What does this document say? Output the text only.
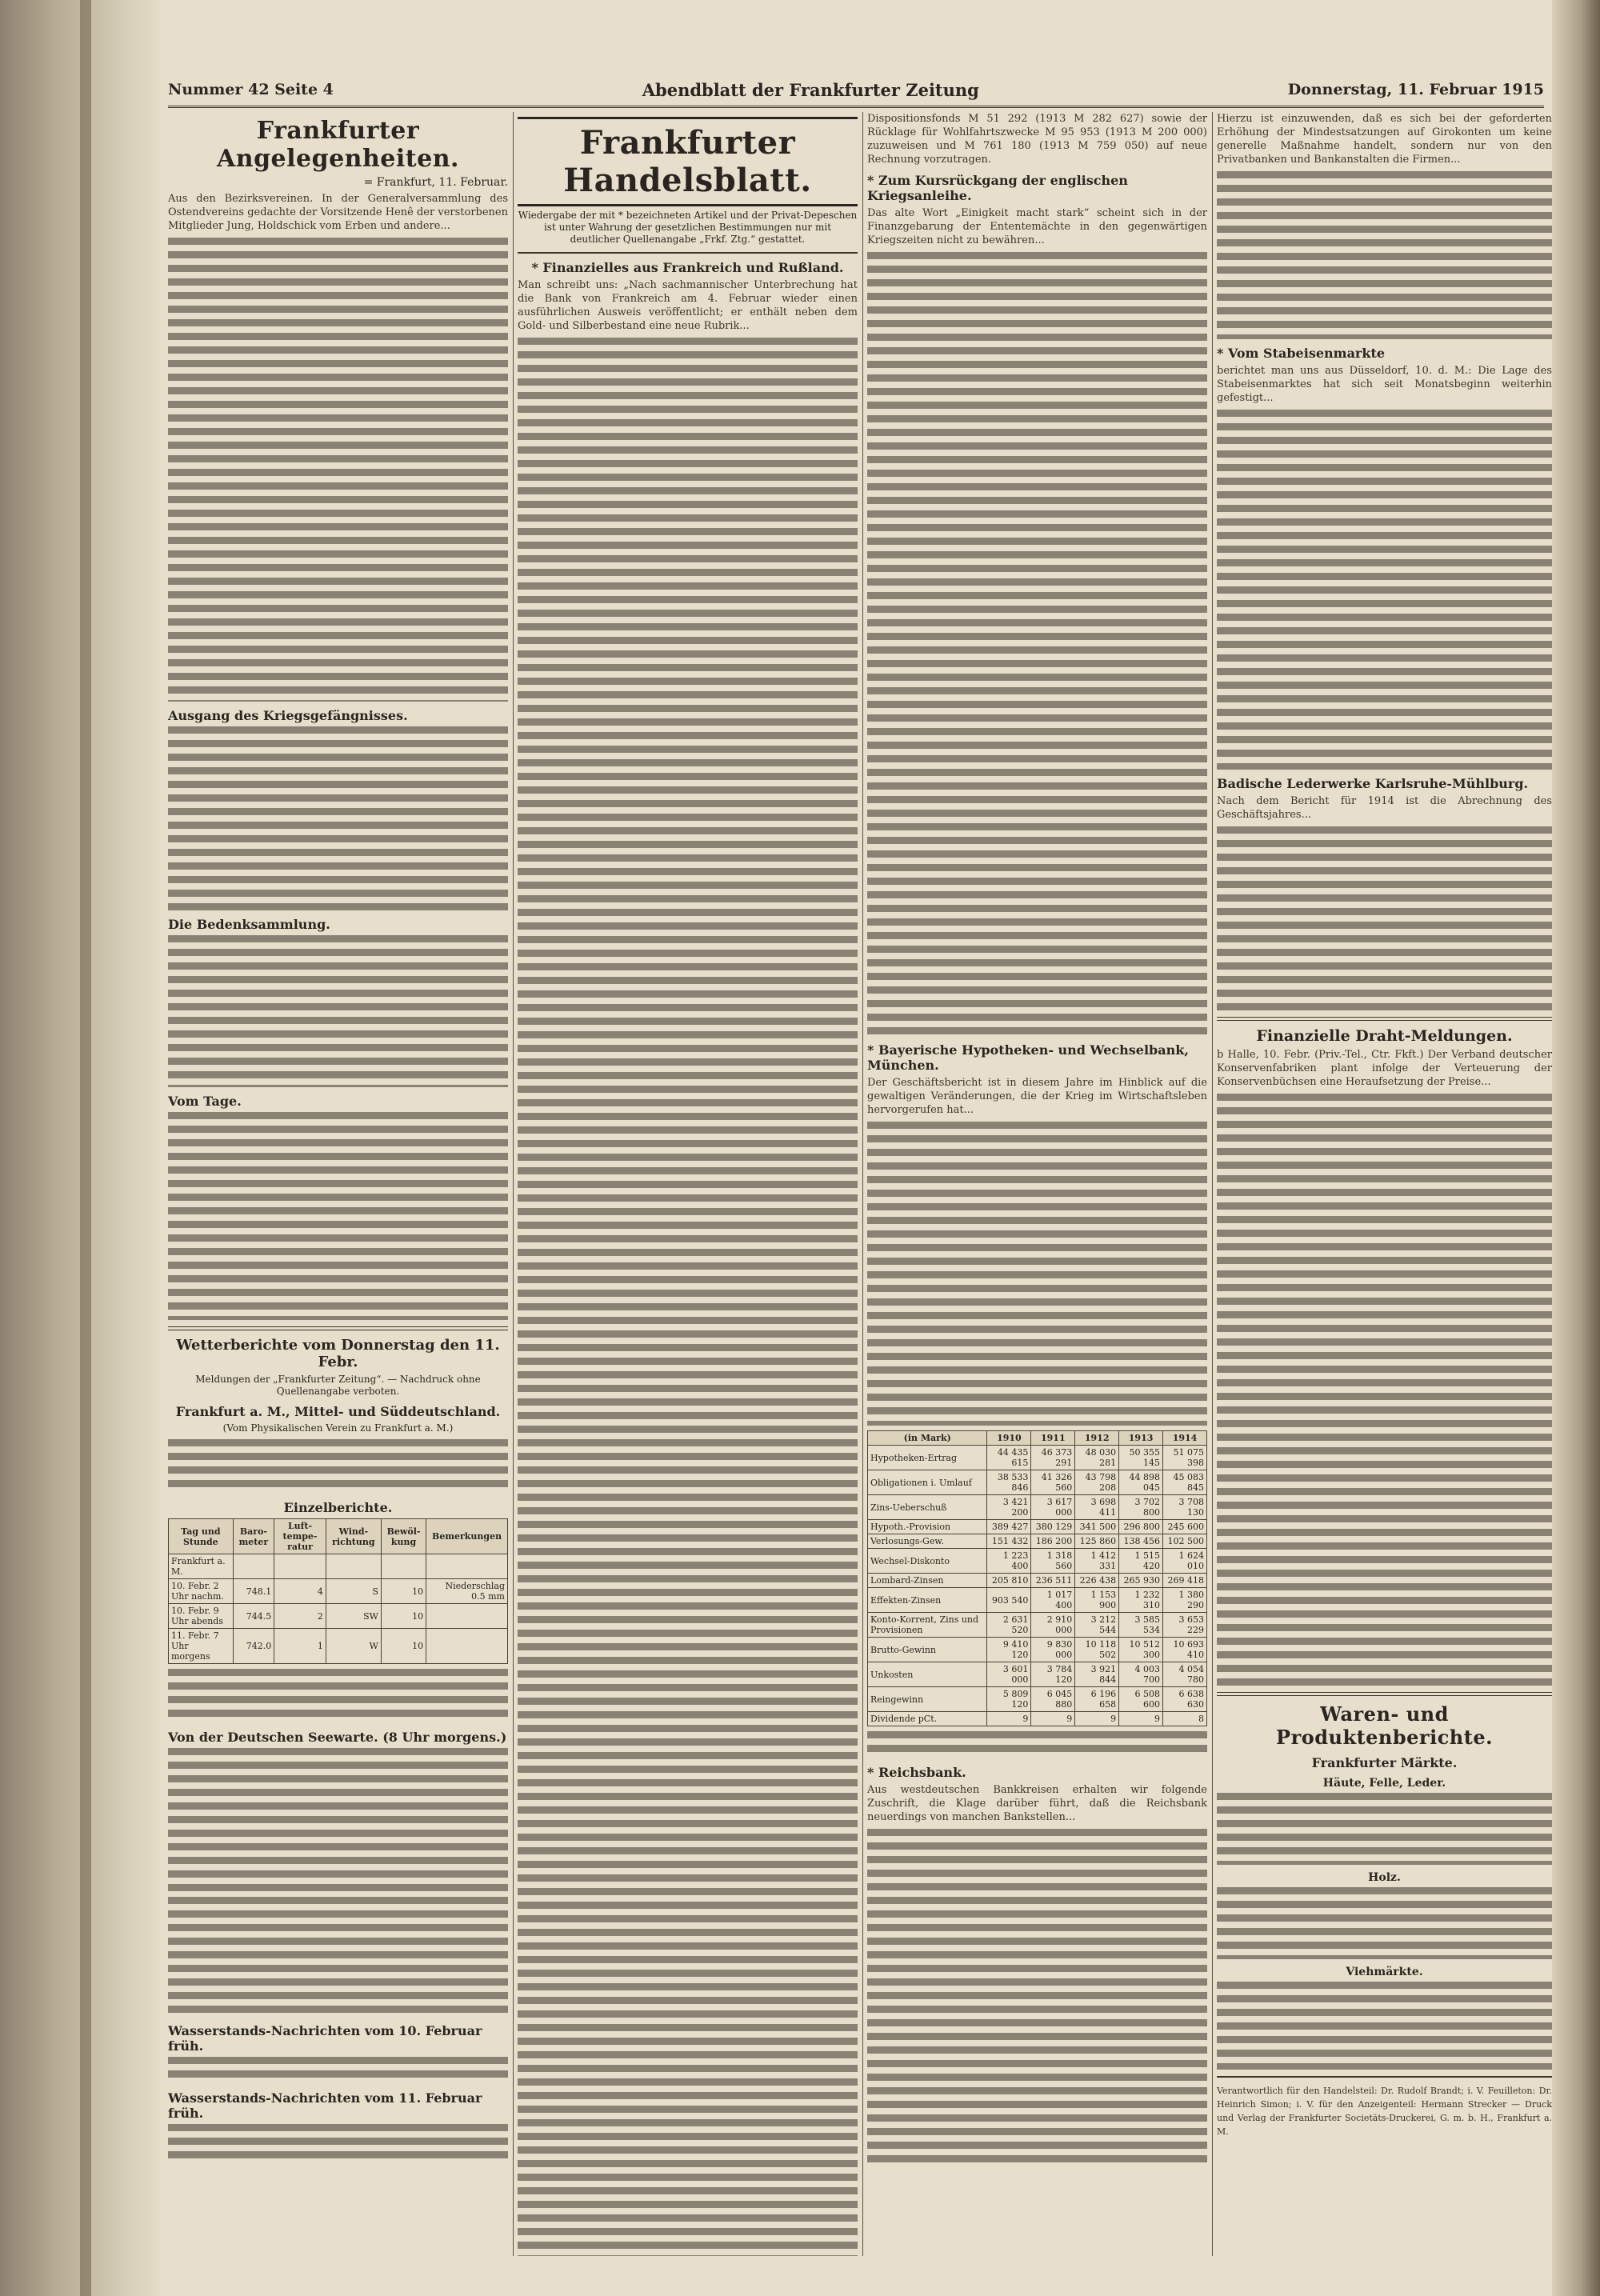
Nummer 42 Seite 4	Abendblatt der Frankfurter Zeitung	Donnerstag, 11. Februar 1915
Frankfurter Angelegenheiten.
= Frankfurt, 11. Februar.

Aus den Bezirksvereinen. In der Generalversammlung des Ostendvereins gedachte der Vorsitzende Henê der verstorbenen Mitglieder Jung, Holdschick vom Erben und andere...

Ausgang des Kriegsgefängnisses.
Die Bedenksammlung.
Vom Tage.
Wetterberichte vom Donnerstag den 11. Febr.
Meldungen der „Frankfurter Zeitung“. — Nachdruck ohne Quellenangabe verboten.
Frankfurt a. M., Mittel- und Süddeutschland.
(Vom Physikalischen Verein zu Frankfurt a. M.)
Einzelberichte.
Tag und Stunde	Baro-meter	Luft-tempe-ratur	Wind-richtung	Bewöl-kung	Bemerkungen
Frankfurt a. M.					
10. Febr. 2 Uhr nachm.	748.1	4	S	10	Niederschlag 0.5 mm
10. Febr. 9 Uhr abends	744.5	2	SW	10	
11. Febr. 7 Uhr morgens	742.0	1	W	10	
Von der Deutschen Seewarte. (8 Uhr morgens.)
Wasserstands-Nachrichten vom 10. Februar früh.
Wasserstands-Nachrichten vom 11. Februar früh.
Frankfurter Handelsblatt.
Wiedergabe der mit * bezeichneten Artikel und der Privat-Depeschen ist unter Wahrung der gesetzlichen Bestimmungen nur mit deutlicher Quellenangabe „Frkf. Ztg.“ gestattet.
* Finanzielles aus Frankreich und Rußland.

Man schreibt uns: „Nach sachmannischer Unterbrechung hat die Bank von Frankreich am 4. Februar wieder einen ausführlichen Ausweis veröffentlicht; er enthält neben dem Gold- und Silberbestand eine neue Rubrik...

Dispositionsfonds M 51 292 (1913 M 282 627) sowie der Rücklage für Wohlfahrtszwecke M 95 953 (1913 M 200 000) zuzuweisen und M 761 180 (1913 M 759 050) auf neue Rechnung vorzutragen.

* Zum Kursrückgang der englischen Kriegsanleihe.

Das alte Wort „Einigkeit macht stark“ scheint sich in der Finanzgebarung der Ententemächte in den gegenwärtigen Kriegszeiten nicht zu bewähren...

* Bayerische Hypotheken- und Wechselbank, München.

Der Geschäftsbericht ist in diesem Jahre im Hinblick auf die gewaltigen Veränderungen, die der Krieg im Wirtschaftsleben hervorgerufen hat...

(in Mark)	1910	1911	1912	1913	1914
Hypotheken-Ertrag	44 435 615	46 373 291	48 030 281	50 355 145	51 075 398
Obligationen i. Umlauf	38 533 846	41 326 560	43 798 208	44 898 045	45 083 845
Zins-Ueberschuß	3 421 200	3 617 000	3 698 411	3 702 800	3 708 130
Hypoth.-Provision	389 427	380 129	341 500	296 800	245 600
Verlosungs-Gew.	151 432	186 200	125 860	138 456	102 500
Wechsel-Diskonto	1 223 400	1 318 560	1 412 331	1 515 420	1 624 010
Lombard-Zinsen	205 810	236 511	226 438	265 930	269 418
Effekten-Zinsen	903 540	1 017 400	1 153 900	1 232 310	1 380 290
Konto-Korrent, Zins und Provisionen	2 631 520	2 910 000	3 212 544	3 585 534	3 653 229
Brutto-Gewinn	9 410 120	9 830 000	10 118 502	10 512 300	10 693 410
Unkosten	3 601 000	3 784 120	3 921 844	4 003 700	4 054 780
Reingewinn	5 809 120	6 045 880	6 196 658	6 508 600	6 638 630
Dividende pCt.	9	9	9	9	8
* Reichsbank.

Aus westdeutschen Bankkreisen erhalten wir folgende Zuschrift, die Klage darüber führt, daß die Reichsbank neuerdings von manchen Bankstellen...

Hierzu ist einzuwenden, daß es sich bei der geforderten Erhöhung der Mindestsatzungen auf Girokonten um keine generelle Maßnahme handelt, sondern nur von den Privatbanken und Bankanstalten die Firmen...

* Vom Stabeisenmarkte

berichtet man uns aus Düsseldorf, 10. d. M.: Die Lage des Stabeisenmarktes hat sich seit Monatsbeginn weiterhin gefestigt...

Badische Lederwerke Karlsruhe-Mühlburg.

Nach dem Bericht für 1914 ist die Abrechnung des Geschäftsjahres...

Finanzielle Draht-Meldungen.

b Halle, 10. Febr. (Priv.-Tel., Ctr. Fkft.) Der Verband deutscher Konservenfabriken plant infolge der Verteuerung der Konservenbüchsen eine Heraufsetzung der Preise...

Waren- und Produktenberichte.
Frankfurter Märkte.
Häute, Felle, Leder.
Holz.
Viehmärkte.

Verantwortlich für den Handelsteil: Dr. Rudolf Brandt; i. V. Feuilleton: Dr. Heinrich Simon; i. V. für den Anzeigenteil: Hermann Strecker — Druck und Verlag der Frankfurter Societäts-Druckerei, G. m. b. H., Frankfurt a. M.
